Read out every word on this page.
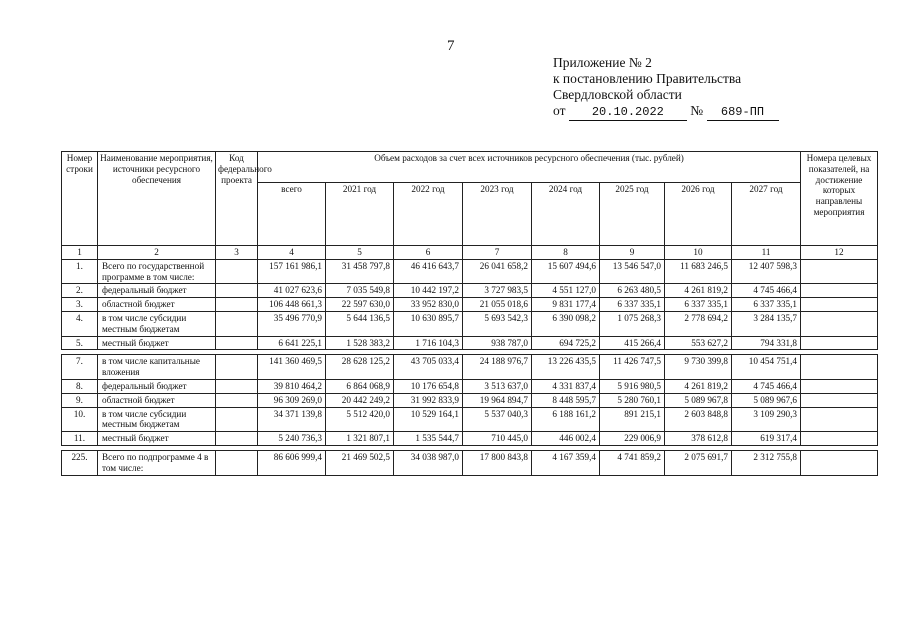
7
Приложение № 2
к постановлению Правительства
Свердловской области
от 20.10.2022 № 689-ПП
Номер строки	Наименование мероприятия, источники ресурсного обеспечения	Код федерального проекта	Объем расходов за счет всех источников ресурсного обеспечения (тыс. рублей)								Номера целевых показателей, на достижение которых направлены мероприятия
			всего	2021 год	2022 год	2023 год	2024 год	2025 год	2026 год	2027 год	
1	2	3	4	5	6	7	8	9	10	11	12
1.	Всего по государственной программе в том числе:		157 161 986,1	31 458 797,8	46 416 643,7	26 041 658,2	15 607 494,6	13 546 547,0	11 683 246,5	12 407 598,3	
2.	федеральный бюджет		41 027 623,6	7 035 549,8	10 442 197,2	3 727 983,5	4 551 127,0	6 263 480,5	4 261 819,2	4 745 466,4	
3.	областной бюджет		106 448 661,3	22 597 630,0	33 952 830,0	21 055 018,6	9 831 177,4	6 337 335,1	6 337 335,1	6 337 335,1	
4.	в том числе субсидии местным бюджетам		35 496 770,9	5 644 136,5	10 630 895,7	5 693 542,3	6 390 098,2	1 075 268,3	2 778 694,2	3 284 135,7	
5.	местный бюджет		6 641 225,1	1 528 383,2	1 716 104,3	938 787,0	694 725,2	415 266,4	553 627,2	794 331,8	

7.	в том числе капитальные вложения		141 360 469,5	28 628 125,2	43 705 033,4	24 188 976,7	13 226 435,5	11 426 747,5	9 730 399,8	10 454 751,4	
8.	федеральный бюджет		39 810 464,2	6 864 068,9	10 176 654,8	3 513 637,0	4 331 837,4	5 916 980,5	4 261 819,2	4 745 466,4	
9.	областной бюджет		96 309 269,0	20 442 249,2	31 992 833,9	19 964 894,7	8 448 595,7	5 280 760,1	5 089 967,8	5 089 967,6	
10.	в том числе субсидии местным бюджетам		34 371 139,8	5 512 420,0	10 529 164,1	5 537 040,3	6 188 161,2	891 215,1	2 603 848,8	3 109 290,3	
11.	местный бюджет		5 240 736,3	1 321 807,1	1 535 544,7	710 445,0	446 002,4	229 006,9	378 612,8	619 317,4	

225.	Всего по подпрограмме 4 в том числе:		86 606 999,4	21 469 502,5	34 038 987,0	17 800 843,8	4 167 359,4	4 741 859,2	2 075 691,7	2 312 755,8	
